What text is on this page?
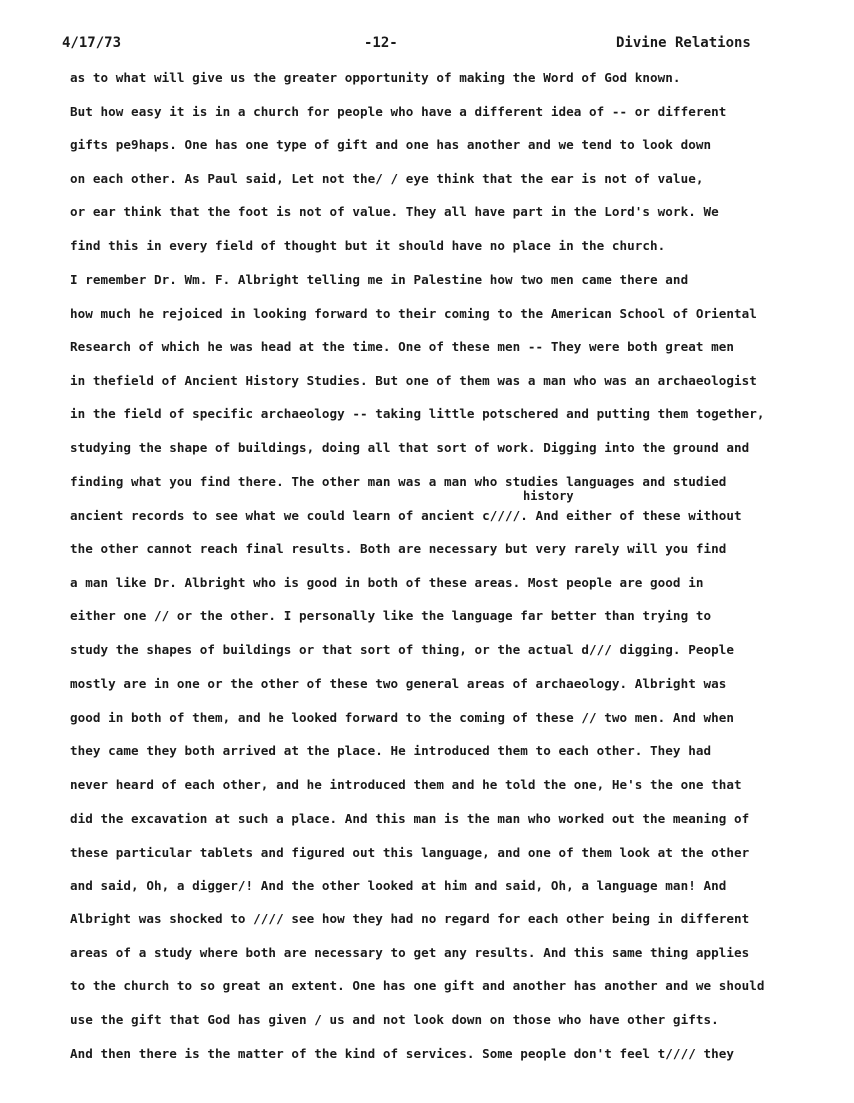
4/17/73	-12-	Divine Relations
history
as to what will give us the greater opportunity of making the Word of God known.
But how easy it is in a church for people who have a different idea of -- or different
gifts pe9haps. One has one type of gift and one has another and we tend to look down
on each other. As Paul said, Let not the/ / eye think that the ear is not of value,
or ear think that the foot is not of value. They all have part in the Lord's work. We
find this in every field of thought but it should have no place in the church.
I remember Dr. Wm. F. Albright telling me in Palestine how two men came there and
how much he rejoiced in looking forward to their coming to the American School of Oriental
Research of which he was head at the time. One of these men -- They were both great men
in thefield of Ancient History Studies. But one of them was a man who was an archaeologist
in the field of specific archaeology -- taking little potschered and putting them together,
studying the shape of buildings, doing all that sort of work. Digging into the ground and
finding what you find there. The other man was a man who studies languages and studied
ancient records to see what we could learn of ancient c////. And either of these without
the other cannot reach final results. Both are necessary but very rarely will you find
a man like Dr. Albright who is good in both of these areas. Most people are good in
either one // or the other. I personally like the language far better than trying to
study the shapes of buildings or that sort of thing, or the actual d/// digging. People
mostly are in one or the other of these two general areas of archaeology. Albright was
good in both of them, and he looked forward to the coming of these // two men. And when
they came they both arrived at the place. He introduced them to each other. They had
never heard of each other, and he introduced them and he told the one, He's the one that
did the excavation at such a place. And this man is the man who worked out the meaning of
these particular tablets and figured out this language, and one of them look at the other
and said, Oh, a digger/! And the other looked at him and said, Oh, a language man! And
Albright was shocked to //// see how they had no regard for each other being in different
areas of a study where both are necessary to get any results. And this same thing applies
to the church to so great an extent. One has one gift and another has another and we should
use the gift that God has given / us and not look down on those who have other gifts.
And then there is the matter of the kind of services. Some people don't feel t//// they
